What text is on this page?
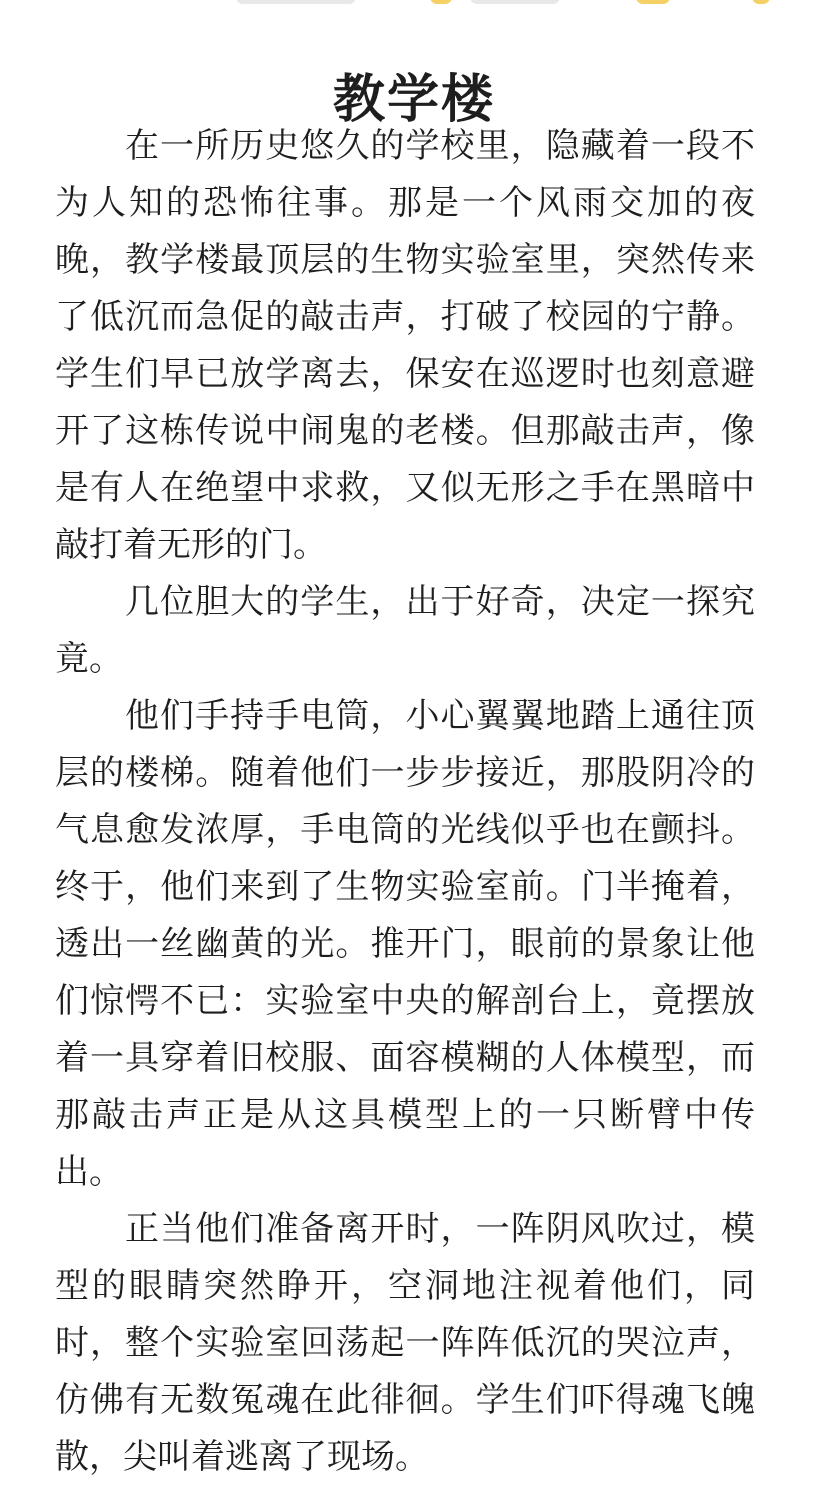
教学楼

在一所历史悠久的学校里，隐藏着一段不为人知的恐怖往事。那是一个风雨交加的夜晚，教学楼最顶层的生物实验室里，突然传来了低沉而急促的敲击声，打破了校园的宁静。学生们早已放学离去，保安在巡逻时也刻意避开了这栋传说中闹鬼的老楼。但那敲击声，像是有人在绝望中求救，又似无形之手在黑暗中敲打着无形的门。

几位胆大的学生，出于好奇，决定一探究竟。

他们手持手电筒，小心翼翼地踏上通往顶层的楼梯。随着他们一步步接近，那股阴冷的气息愈发浓厚，手电筒的光线似乎也在颤抖。终于，他们来到了生物实验室前。门半掩着，透出一丝幽黄的光。推开门，眼前的景象让他们惊愕不已：实验室中央的解剖台上，竟摆放着一具穿着旧校服、面容模糊的人体模型，而那敲击声正是从这具模型上的一只断臂中传出。

正当他们准备离开时，一阵阴风吹过，模型的眼睛突然睁开，空洞地注视着他们，同时，整个实验室回荡起一阵阵低沉的哭泣声，仿佛有无数冤魂在此徘徊。学生们吓得魂飞魄散，尖叫着逃离了现场。
